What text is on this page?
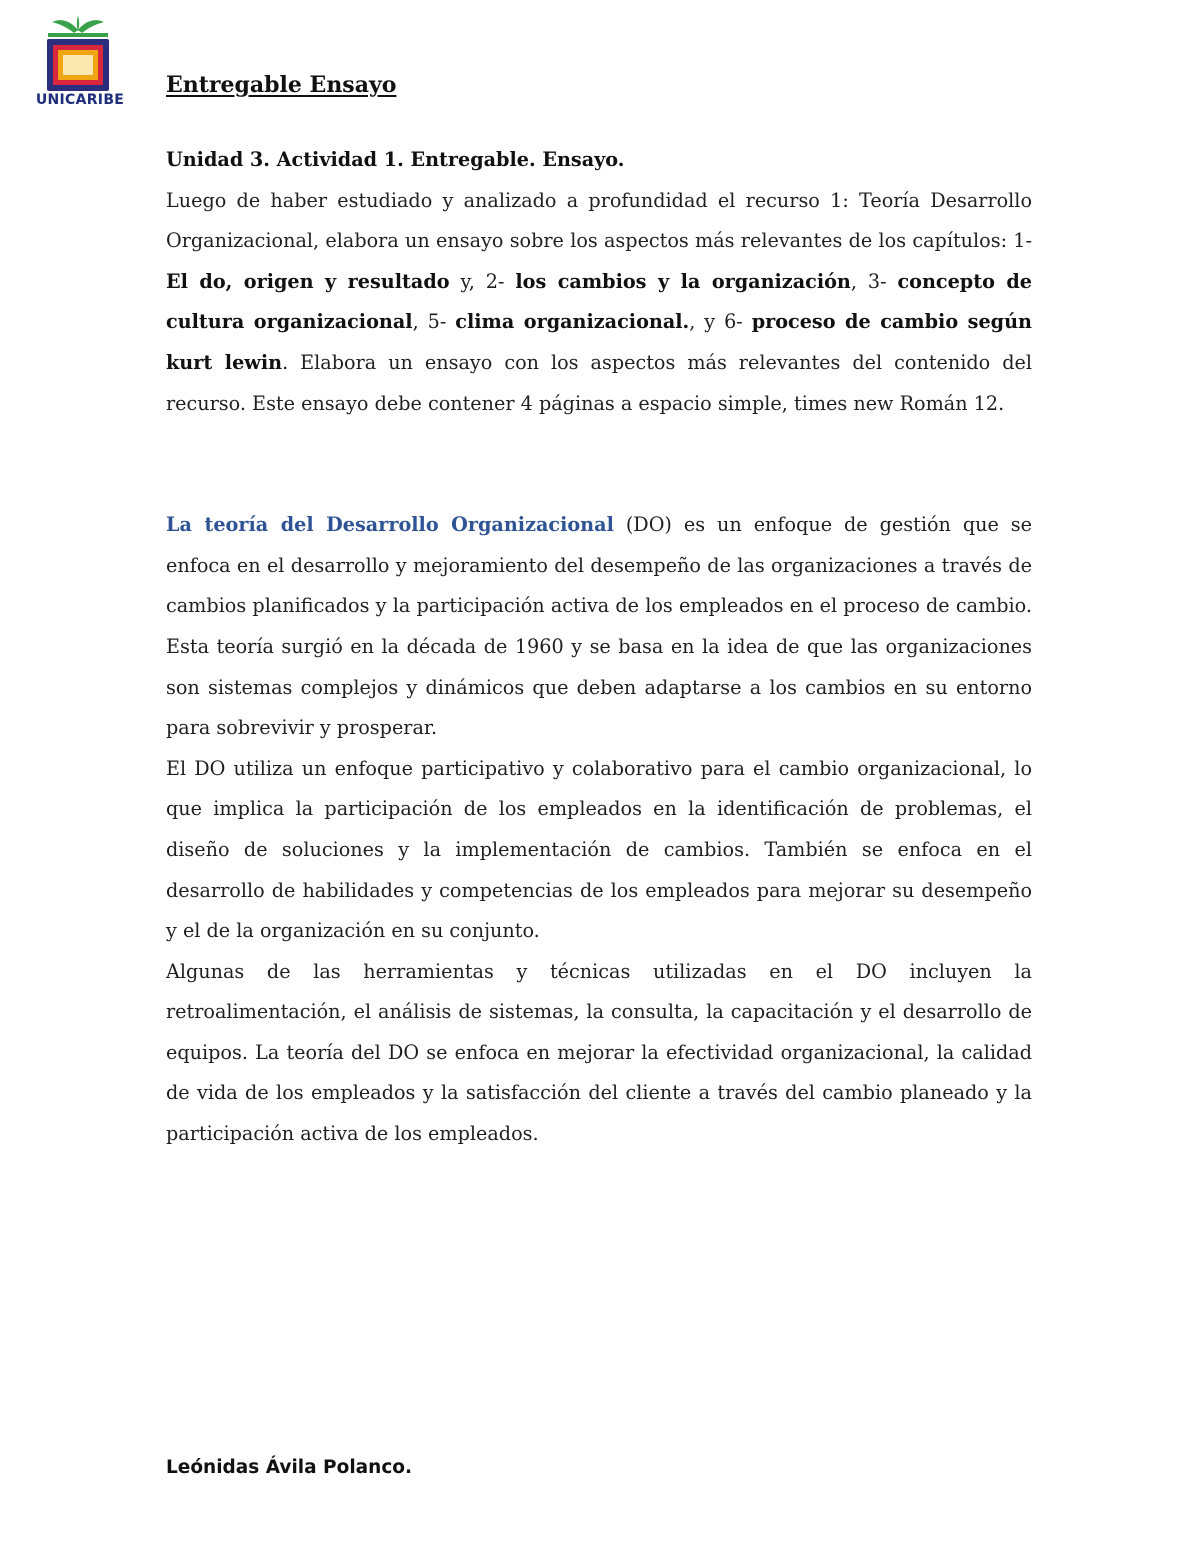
UNICARIBE
Entregable Ensayo

Unidad 3. Actividad 1. Entregable. Ensayo.

Luego de haber estudiado y analizado a profundidad el recurso 1: Teoría Desarrollo Organizacional, elabora un ensayo sobre los aspectos más relevantes de los capítulos: 1- El do, origen y resultado y, 2- los cambios y la organización, 3- concepto de cultura organizacional, 5- clima organizacional., y 6- proceso de cambio según kurt lewin. Elabora un ensayo con los aspectos más relevantes del contenido del recurso. Este ensayo debe contener 4 páginas a espacio simple, times new Román 12.

La teoría del Desarrollo Organizacional (DO) es un enfoque de gestión que se enfoca en el desarrollo y mejoramiento del desempeño de las organizaciones a través de cambios planificados y la participación activa de los empleados en el proceso de cambio. Esta teoría surgió en la década de 1960 y se basa en la idea de que las organizaciones son sistemas complejos y dinámicos que deben adaptarse a los cambios en su entorno para sobrevivir y prosperar.

El DO utiliza un enfoque participativo y colaborativo para el cambio organizacional, lo que implica la participación de los empleados en la identificación de problemas, el diseño de soluciones y la implementación de cambios. También se enfoca en el desarrollo de habilidades y competencias de los empleados para mejorar su desempeño y el de la organización en su conjunto.

Algunas de las herramientas y técnicas utilizadas en el DO incluyen la retroalimentación, el análisis de sistemas, la consulta, la capacitación y el desarrollo de equipos. La teoría del DO se enfoca en mejorar la efectividad organizacional, la calidad de vida de los empleados y la satisfacción del cliente a través del cambio planeado y la participación activa de los empleados.

Leónidas Ávila Polanco.
